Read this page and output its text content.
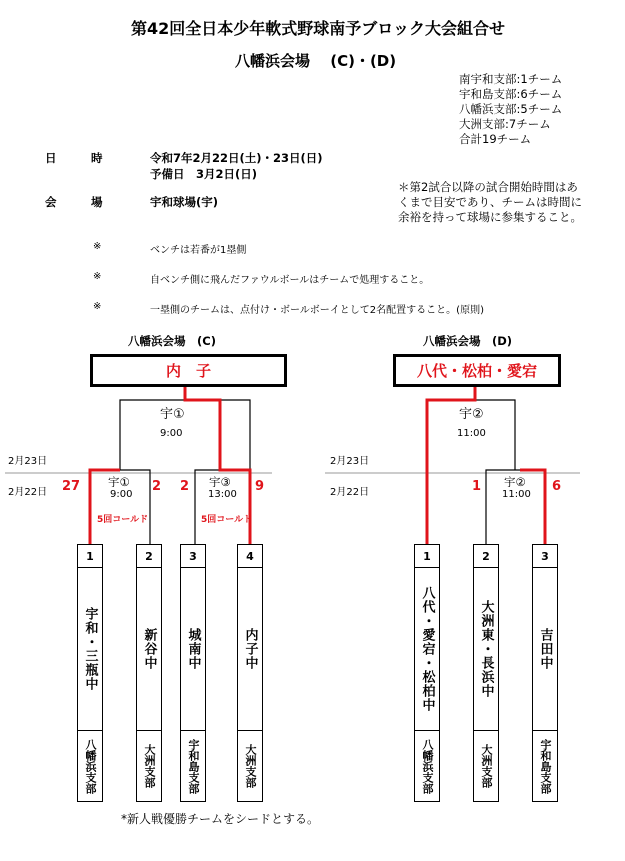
第42回全日本少年軟式野球南予ブロック大会組合せ
八幡浜会場　 (C)・(D)
南宇和支部:1チーム
宇和島支部:6チーム
八幡浜支部:5チーム
大洲支部:7チーム
合計19チーム
日　　　時	令和7年2月22日(土)・23日(日)
予備日　3月2日(日)
会　　　場	宇和球場(宇)
＊第2試合以降の試合開始時間はあくまで目安であり、チームは時間に余裕を持って球場に参集すること。
※	ベンチは若番が1塁側
※	自ベンチ側に飛んだファウルボールはチームで処理すること。
※	一塁側のチームは、点付け・ボールボーイとして2名配置すること。(原則)
八幡浜会場　(C)
内　子
宇①
9:00
2月23日
2月22日
宇①
9:00
27	2
5回コールド
宇③
13:00
2	9
5回コールド
1
宇和・三瓶中
八幡浜支部
2
新谷中
大洲支部
3
城南中
宇和島支部
4
内子中
大洲支部
八幡浜会場　(D)
八代・松柏・愛宕
宇②
11:00
2月23日
2月22日
宇②
11:00
1	6
1
八代・愛宕・松柏中
八幡浜支部
2
大洲東・長浜中
大洲支部
3
吉田中
宇和島支部
*新人戦優勝チームをシードとする。
